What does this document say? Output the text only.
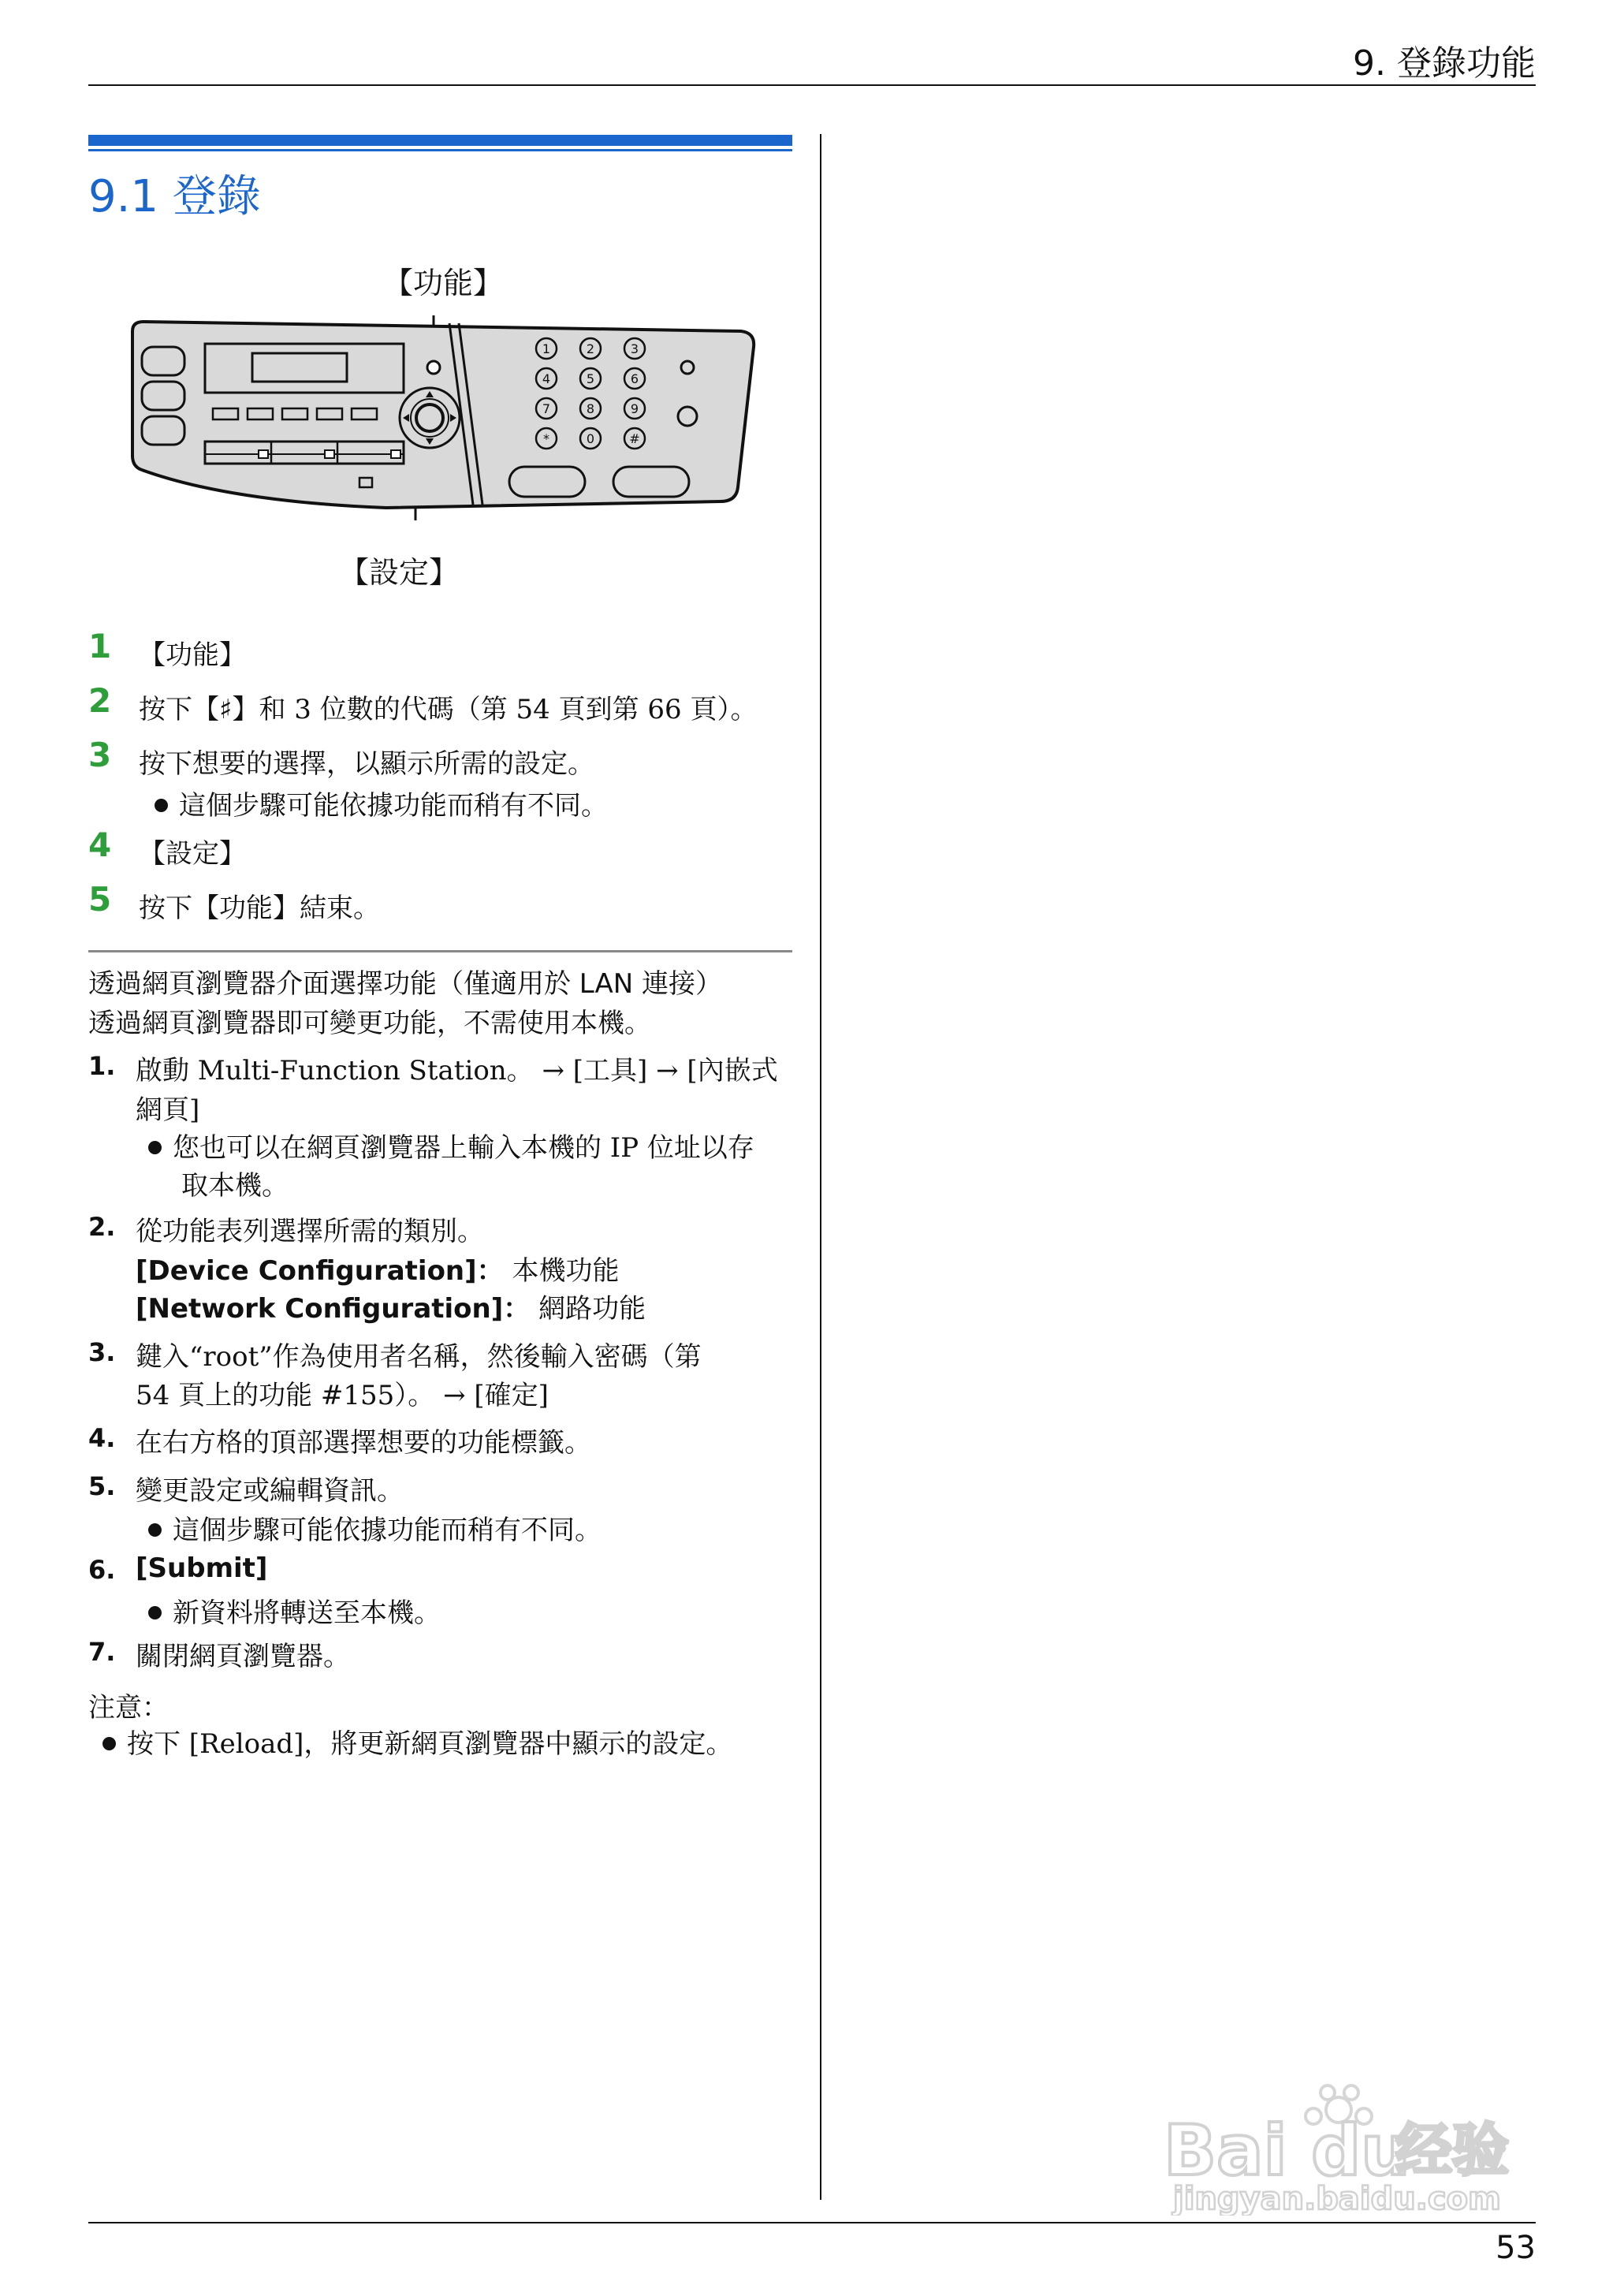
9. 登錄功能
9.1 登錄
【功能】
【設定】
1	2	3
4	5	6
7	8	9
*	0	#
1 【功能】
2 按下【♯】和 3 位數的代碼（第 54 頁到第 66 頁）。
3 按下想要的選擇，以顯示所需的設定。
這個步驟可能依據功能而稍有不同。
4 【設定】
5 按下【功能】結束。
透過網頁瀏覽器介面選擇功能（僅適用於 LAN 連接）
透過網頁瀏覽器即可變更功能，不需使用本機。
1. 啟動 Multi-Function Station。 → [工具] → [內嵌式
網頁]
您也可以在網頁瀏覽器上輸入本機的 IP 位址以存
取本機。
2. 從功能表列選擇所需的類別。
[Device Configuration]： 本機功能
[Network Configuration]： 網路功能
3. 鍵入“root”作為使用者名稱，然後輸入密碼（第
54 頁上的功能 #155）。 → [確定]
4. 在右方格的頂部選擇想要的功能標籤。
5. 變更設定或編輯資訊。
這個步驟可能依據功能而稍有不同。
6. [Submit]
新資料將轉送至本機。
7. 關閉網頁瀏覽器。
注意：
按下 [Reload]，將更新網頁瀏覽器中顯示的設定。
Bai du
经验
jingyan.baidu.com
53
